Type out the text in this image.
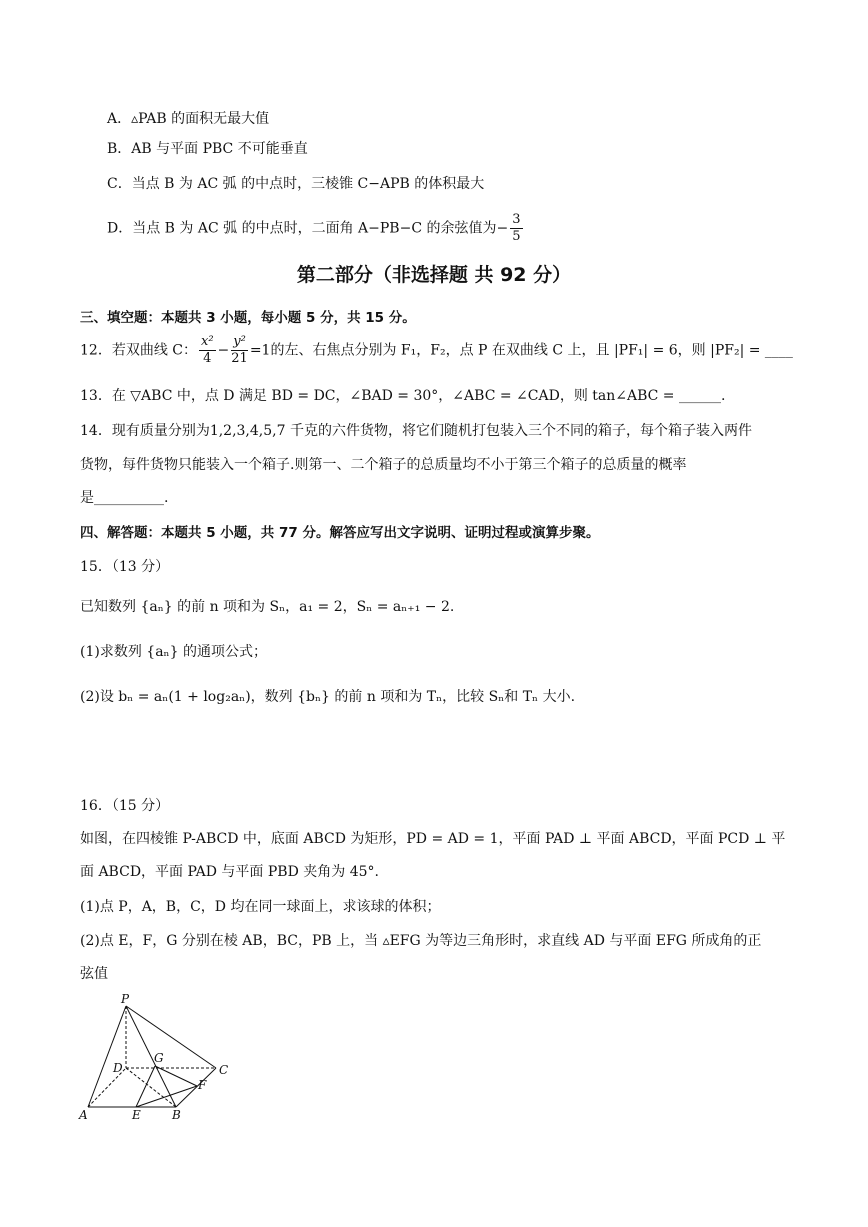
A．▵PAB 的面积无最大值
B．AB 与平面 PBC 不可能垂直
C．当点 B 为 AC 弧 的中点时，三棱锥 C−APB 的体积最大
D．当点 B 为 AC 弧 的中点时，二面角 A−PB−C 的余弦值为− $\frac{3}{5}$
第二部分（非选择题 共 92 分）
三、填空题：本题共 3 小题，每小题 5 分，共 15 分。
12．若双曲线 C： $\frac{\text{x²}}{4} - \frac{\text{y²}}{21} =1$的左、右焦点分别为 F₁，F₂，点 P 在双曲线 C 上，且 |PF₁| = 6，则 |PF₂| = ____
13．在 ▽ABC 中，点 D 满足 BD = DC，∠BAD = 30°，∠ABC = ∠CAD，则 tan∠ABC = ______.
14．现有质量分别为1,2,3,4,5,7 千克的六件货物，将它们随机打包装入三个不同的箱子，每个箱子装入两件
货物，每件货物只能装入一个箱子.则第一、二个箱子的总质量均不小于第三个箱子的总质量的概率
是__________.
四、解答题：本题共 5 小题，共 77 分。解答应写出文字说明、证明过程或演算步聚。
15．（13 分）
已知数列 {aₙ} 的前 n 项和为 Sₙ，a₁ = 2，Sₙ = aₙ₊₁ − 2.
(1)求数列 {aₙ} 的通项公式；
(2)设 bₙ = aₙ(1 + log₂aₙ)，数列 {bₙ} 的前 n 项和为 Tₙ，比较 Sₙ和 Tₙ 大小.
16．（15 分）
如图，在四棱锥 P-ABCD 中，底面 ABCD 为矩形，PD = AD = 1，平面 PAD ⊥ 平面 ABCD，平面 PCD ⊥ 平
面 ABCD，平面 PAD 与平面 PBD 夹角为 45°.
(1)点 P，A，B，C，D 均在同一球面上，求该球的体积；
(2)点 E，F，G 分别在棱 AB，BC，PB 上，当 ▵EFG 为等边三角形时，求直线 AD 与平面 EFG 所成角的正
弦值
P
D
G
C
F
A	E	B
